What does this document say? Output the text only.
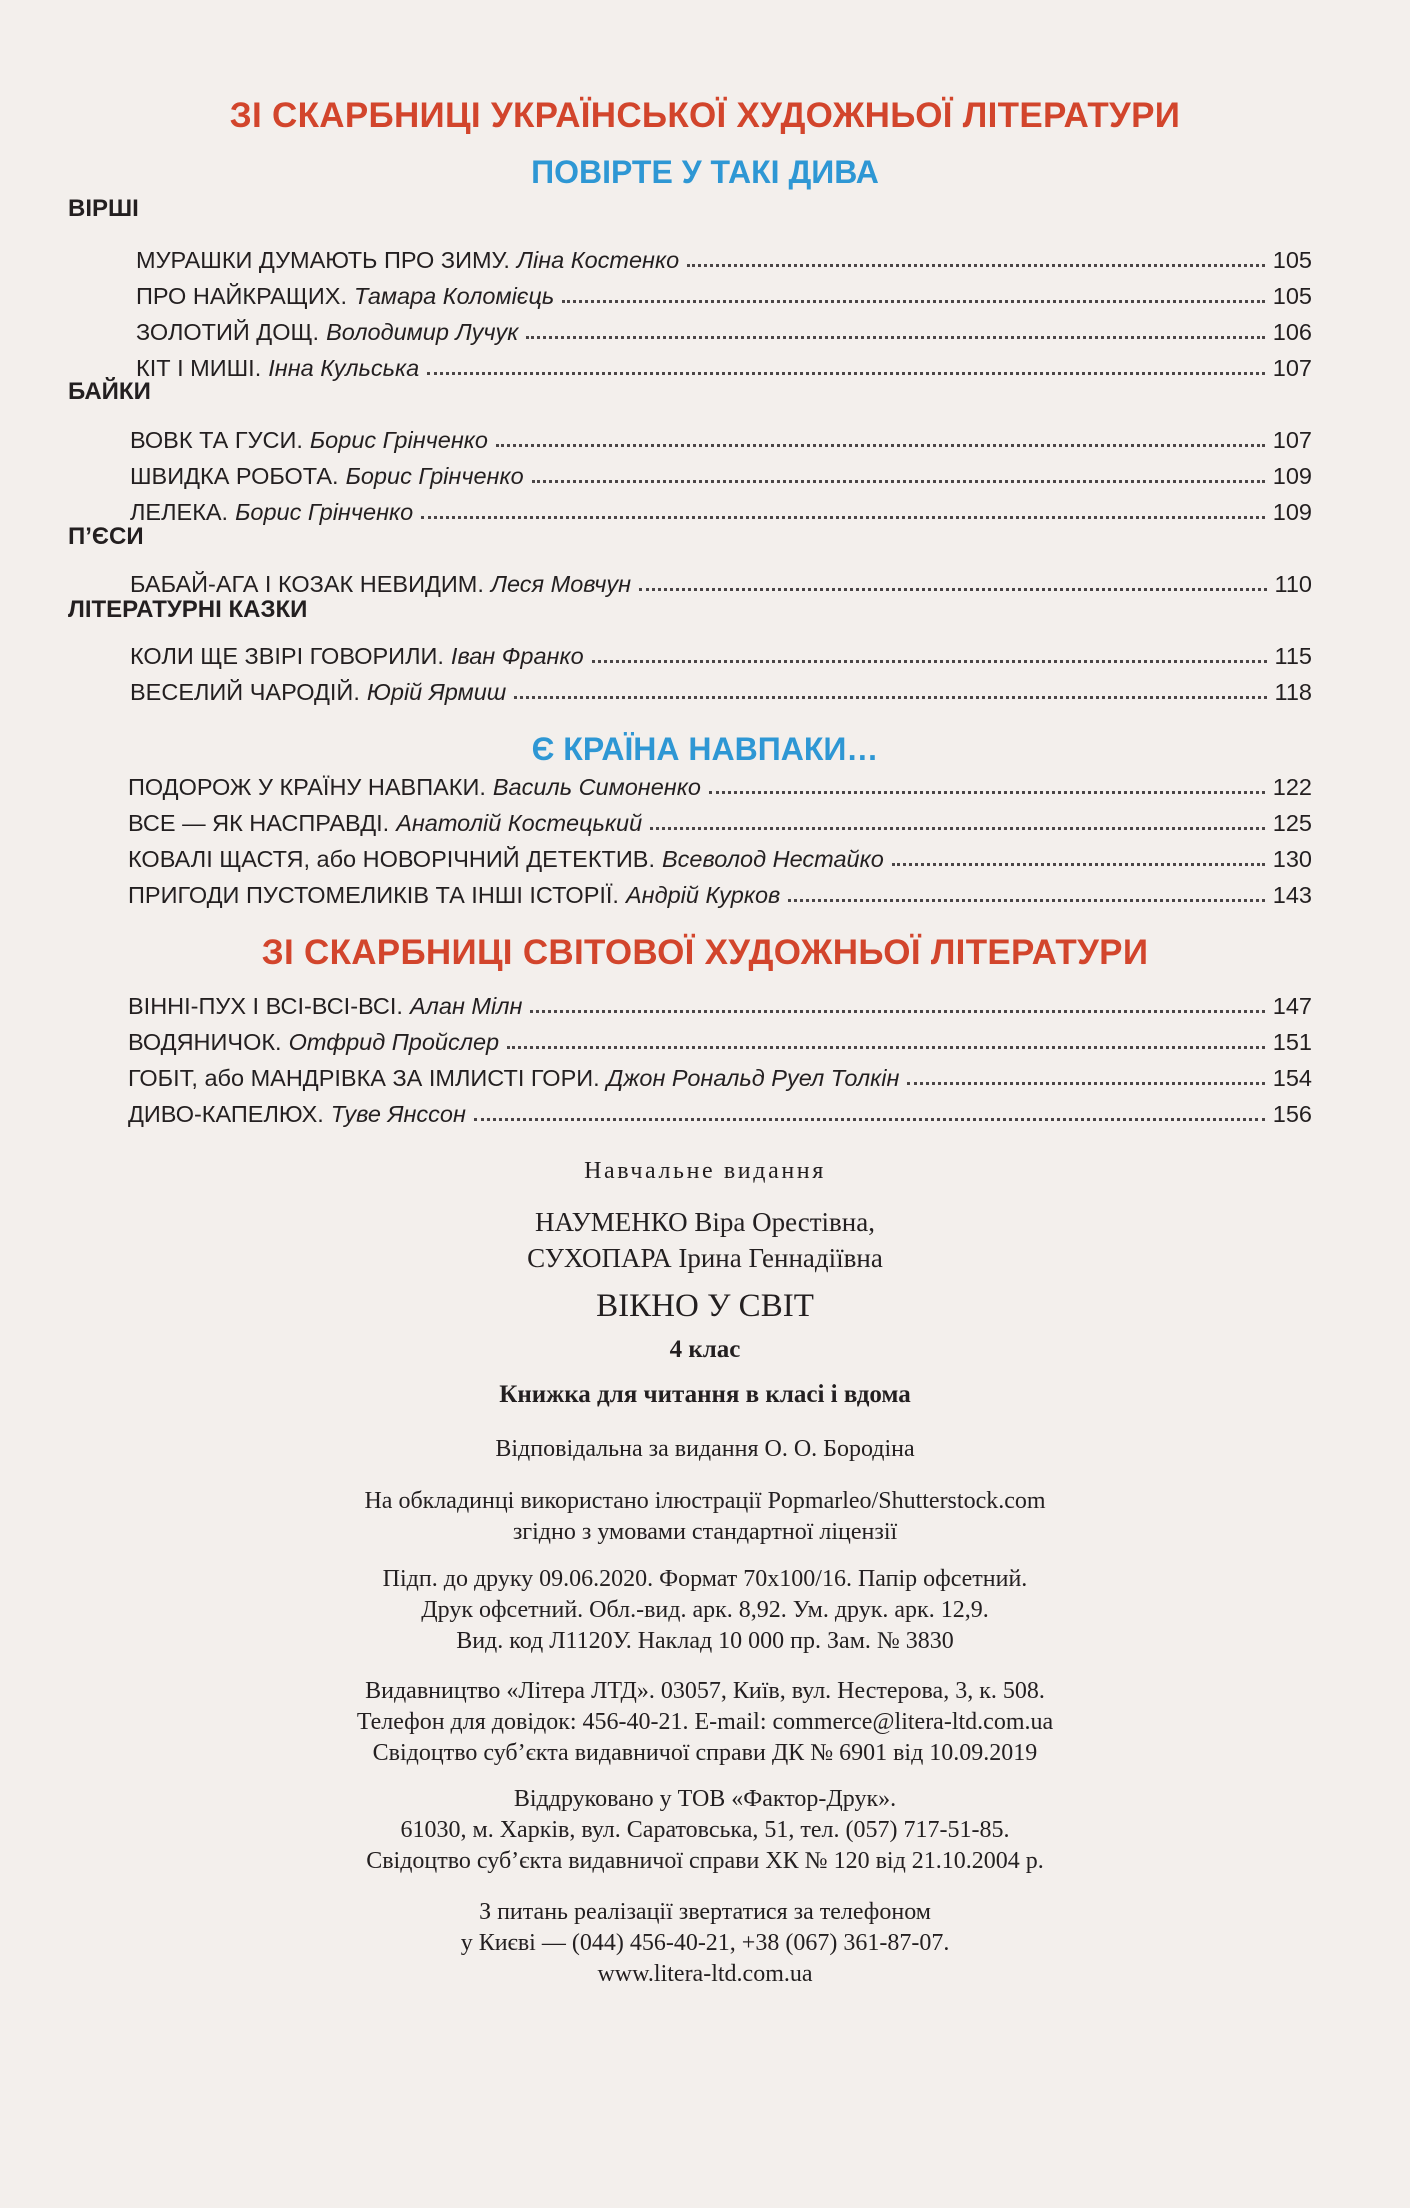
ЗІ СКАРБНИЦІ УКРАЇНСЬКОЇ ХУДОЖНЬОЇ ЛІТЕРАТУРИ
ПОВІРТЕ У ТАКІ ДИВА
ВІРШІ
МУРАШКИ ДУМАЮТЬ ПРО ЗИМУ. Ліна Костенко	105
ПРО НАЙКРАЩИХ. Тамара Коломієць	105
ЗОЛОТИЙ ДОЩ. Володимир Лучук	106
КІТ І МИШІ. Інна Кульська	107
БАЙКИ
ВОВК ТА ГУСИ. Борис Грінченко	107
ШВИДКА РОБОТА. Борис Грінченко	109
ЛЕЛЕКА. Борис Грінченко	109
П’ЄСИ
БАБАЙ-АГА І КОЗАК НЕВИДИМ. Леся Мовчун	110
ЛІТЕРАТУРНІ КАЗКИ
КОЛИ ЩЕ ЗВІРІ ГОВОРИЛИ. Іван Франко	115
ВЕСЕЛИЙ ЧАРОДІЙ. Юрій Ярмиш	118
Є КРАЇНА НАВПАКИ…
ПОДОРОЖ У КРАЇНУ НАВПАКИ. Василь Симоненко	122
ВСЕ — ЯК НАСПРАВДІ. Анатолій Костецький	125
КОВАЛІ ЩАСТЯ, або НОВОРІЧНИЙ ДЕТЕКТИВ. Всеволод Нестайко	130
ПРИГОДИ ПУСТОМЕЛИКІВ ТА ІНШІ ІСТОРІЇ. Андрій Курков	143
ЗІ СКАРБНИЦІ СВІТОВОЇ ХУДОЖНЬОЇ ЛІТЕРАТУРИ
ВІННІ-ПУХ І ВСІ-ВСІ-ВСІ. Алан Мілн	147
ВОДЯНИЧОК. Отфрид Пройслер	151
ГОБІТ, або МАНДРІВКА ЗА ІМЛИСТІ ГОРИ. Джон Рональд Руел Толкін	154
ДИВО-КАПЕЛЮХ. Туве Янссон	156
Навчальне видання
НАУМЕНКО Віра Орестівна,
СУХОПАРА Ірина Геннадіївна
ВІКНО У СВІТ
4 клас
Книжка для читання в класі і вдома
Відповідальна за видання О. О. Бородіна
На обкладинці використано ілюстрації Popmarleo/Shutterstock.com
згідно з умовами стандартної ліцензії
Підп. до друку 09.06.2020. Формат 70х100/16. Папір офсетний.
Друк офсетний. Обл.-вид. арк. 8,92. Ум. друк. арк. 12,9.
Вид. код Л1120У. Наклад 10 000 пр. Зам. № 3830
Видавництво «Літера ЛТД». 03057, Київ, вул. Нестерова, 3, к. 508.
Телефон для довідок: 456-40-21. E-mail: commerce@litera-ltd.com.ua
Свідоцтво суб’єкта видавничої справи ДК № 6901 від 10.09.2019
Віддруковано у ТОВ «Фактор-Друк».
61030, м. Харків, вул. Саратовська, 51, тел. (057) 717-51-85.
Свідоцтво суб’єкта видавничої справи ХК № 120 від 21.10.2004 р.
З питань реалізації звертатися за телефоном
у Києві — (044) 456-40-21, +38 (067) 361-87-07.
www.litera-ltd.com.ua
